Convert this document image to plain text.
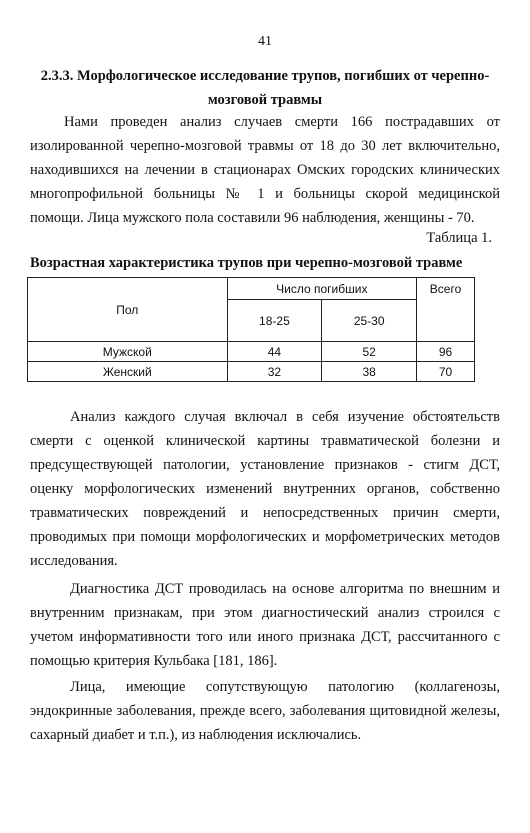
41
2.3.3. Морфологическое исследование трупов, погибших от черепно-
мозговой травмы

Нами проведен анализ случаев смерти 166 пострадавших от изолированной черепно-мозговой травмы от 18 до 30 лет включительно, находившихся на лечении в стационарах Омских городских клинических многопрофильной больницы № 1 и больницы скорой медицинской помощи. Лица мужского пола составили 96 наблюдения, женщины - 70.

Таблица 1.
Возрастная характеристика трупов при черепно-мозговой травме
Пол	Число погибших		Всего
	18-25	25-30	
Мужской	44	52	96
Женский	32	38	70

Анализ каждого случая включал в себя изучение обстоятельств смерти с оценкой клинической картины травматической болезни и предсуществующей патологии, установление признаков - стигм ДСТ, оценку морфологических изменений внутренних органов, собственно травматических повреждений и непосредственных причин смерти, проводимых при помощи морфологических и морфометрических методов исследования.

Диагностика ДСТ проводилась на основе алгоритма по внешним и внутренним признакам, при этом диагностический анализ строился с учетом информативности того или иного признака ДСТ, рассчитанного с помощью критерия Кульбака [181, 186].

Лица, имеющие сопутствующую патологию (коллагенозы, эндокринные заболевания, прежде всего, заболевания щитовидной железы, сахарный диабет и т.п.), из наблюдения исключались.
